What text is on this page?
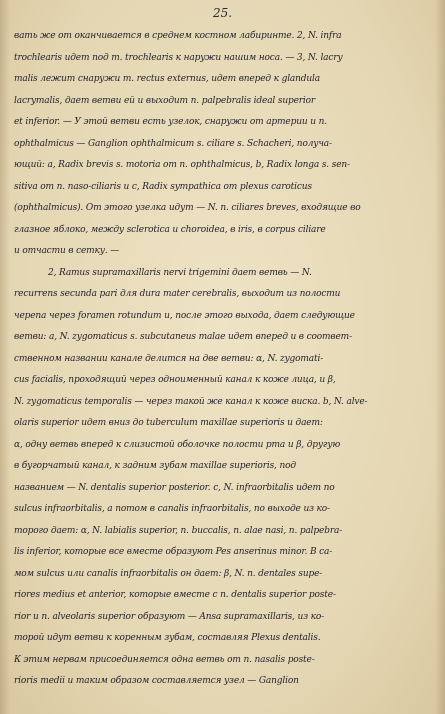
25.
вать же от оканчивается в среднем костном лабиринте. 2, N. infra
trochlearis идет под m. trochlearis к наружи нашим носа. — 3, N. lacry
malis лежит снаружи m. rectus externus, идет вперед к glandula
lacrymalis, дает ветви ей и выходит n. palpebralis ideal superior
et inferior. — У этой ветви есть узелок, снаружи от артерии и n.
ophthalmicus — Ganglion ophthalmicum s. ciliare s. Schacheri, получа-
ющий: а, Radix brevis s. motoria от n. ophthalmicus, b, Radix longa s. sen-
sitiva от n. naso-ciliaris и с, Radix sympathica от plexus caroticus
(ophthalmicus). От этого узелка идут — N. n. ciliares breves, входящие во
глазное яблоко, между sclerotica и choroidea, в iris, в corpus ciliare
и отчасти в сетку. —
2, Ramus supramaxillaris nervi trigemini дает ветвь — N.
recurrens secunda pari для dura mater cerebralis, выходит из полости
черепа через foramen rotundum и, после этого выхода, дает следующие
ветви: а, N. zygomaticus s. subcutaneus malae идет вперед и в соответ-
ственном названии канале делится на две ветви: α, N. zygomati-
cus facialis, проходящий через одноименный канал к коже лица, и β,
N. zygomaticus temporalis — через такой же канал к коже виска. b, N. alve-
olaris superior идет вниз до tuberculum maxillae superioris и дает:
α, одну ветвь вперед к слизистой оболочке полости рта и β, другую
в бугорчатый канал, к задним зубам maxillae superioris, под
названием — N. dentalis superior posterior. с, N. infraorbitalis идет по
sulcus infraorbitalis, а потом в canalis infraorbitalis, по выходе из ко-
торого дает: α, N. labialis superior, n. buccalis, n. alae nasi, n. palpebra-
lis inferior, которые все вместе образуют Pes anserinus minor. В са-
мом sulcus или canalis infraorbitalis он дает: β, N. n. dentales supe-
riores medius et anterior, которые вместе с n. dentalis superior poste-
rior и n. alveolaris superior образуют — Ansa supramaxillaris, из ко-
торой идут ветви к коренным зубам, составляя Plexus dentalis.
К этим нервам присоединяется одна ветвь от n. nasalis poste-
rioris medii и таким образом составляется узел — Ganglion
